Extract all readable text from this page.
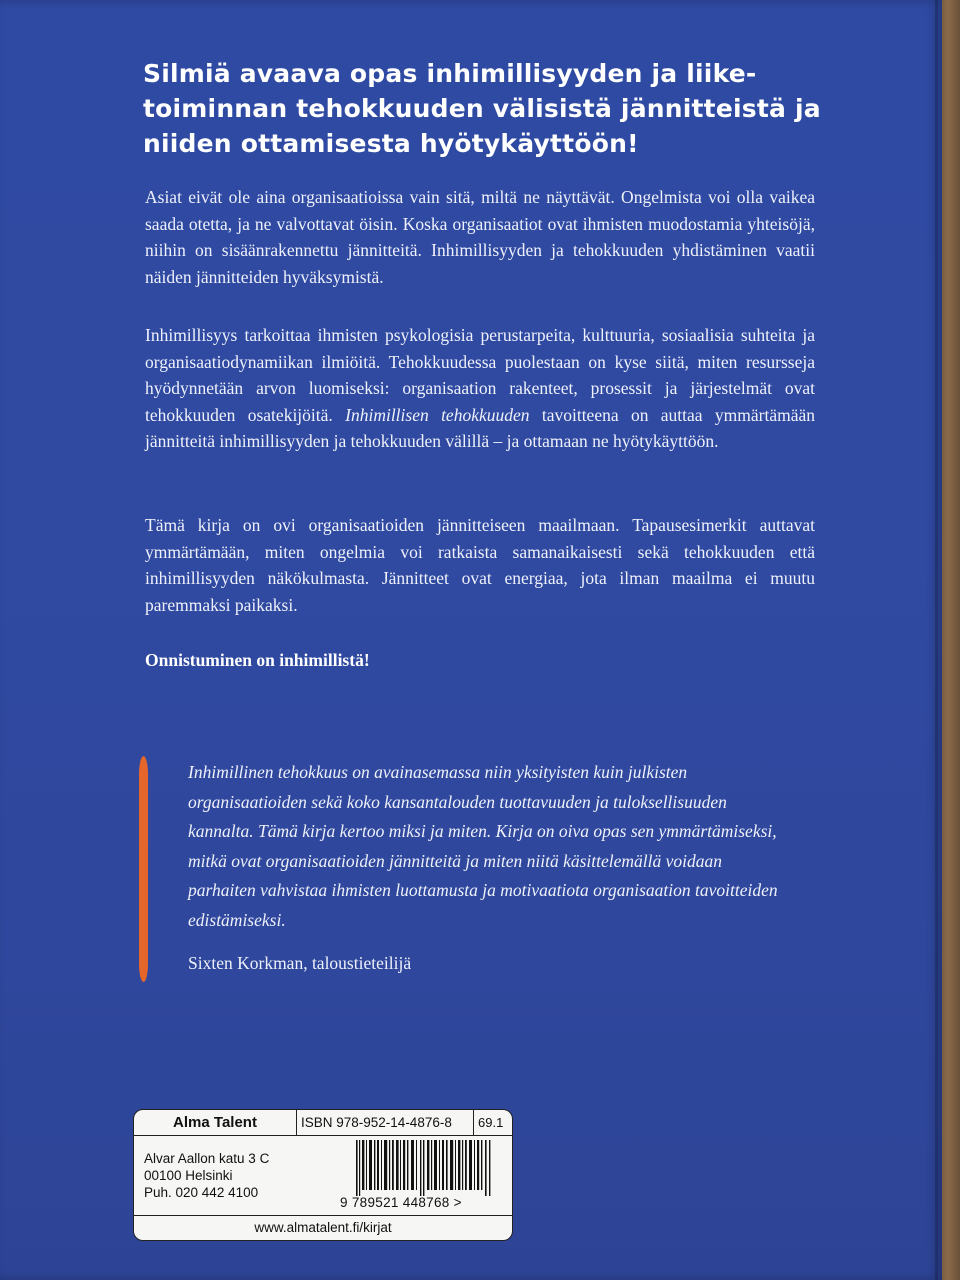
Silmiä avaava opas inhimillisyyden ja liike-toiminnan tehokkuuden välisistä jännitteistä ja niiden ottamisesta hyötykäyttöön!

Asiat eivät ole aina organisaatioissa vain sitä, miltä ne näyttävät. Ongelmista voi olla vaikea saada otetta, ja ne valvottavat öisin. Koska organisaatiot ovat ihmisten muodostamia yhteisöjä, niihin on sisäänrakennettu jännitteitä. Inhimillisyyden ja tehokkuuden yhdistäminen vaatii näiden jännitteiden hyväksymistä.

Inhimillisyys tarkoittaa ihmisten psykologisia perustarpeita, kulttuuria, sosiaalisia suhteita ja organisaatiodynamiikan ilmiöitä. Tehokkuudessa puolestaan on kyse siitä, miten resursseja hyödynnetään arvon luomiseksi: organisaation rakenteet, prosessit ja järjestelmät ovat tehokkuuden osatekijöitä. Inhimillisen tehokkuuden tavoitteena on auttaa ymmärtämään jännitteitä inhimillisyyden ja tehokkuuden välillä – ja ottamaan ne hyötykäyttöön.

Tämä kirja on ovi organisaatioiden jännitteiseen maailmaan. Tapausesimerkit auttavat ymmärtämään, miten ongelmia voi ratkaista samanaikaisesti sekä tehokkuuden että inhimillisyyden näkökulmasta. Jännitteet ovat energiaa, jota ilman maailma ei muutu paremmaksi paikaksi.

Onnistuminen on inhimillistä!

Inhimillinen tehokkuus on avainasemassa niin yksityisten kuin julkisten organisaatioiden sekä koko kansantalouden tuottavuuden ja tuloksellisuuden kannalta. Tämä kirja kertoo miksi ja miten. Kirja on oiva opas sen ymmärtämiseksi, mitkä ovat organisaatioiden jännitteitä ja miten niitä käsittelemällä voidaan parhaiten vahvistaa ihmisten luottamusta ja motivaatiota organisaation tavoitteiden edistämiseksi.

Sixten Korkman, taloustieteilijä

Alma Talent	ISBN 978-952-14-4876-8	69.1
Alvar Aallon katu 3 C
00100 Helsinki
Puh. 020 442 4100
9 789521 448768 >
www.almatalent.fi/kirjat
